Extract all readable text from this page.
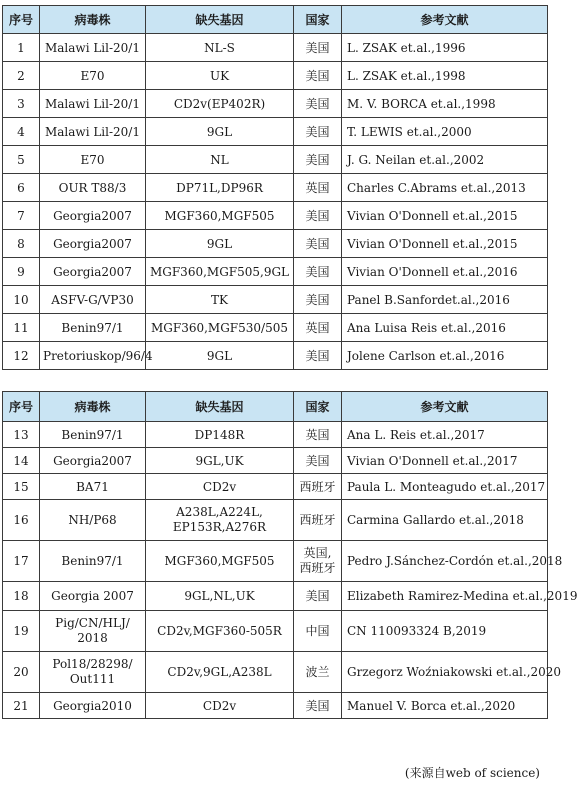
序号	病毒株	缺失基因	国家	参考文献
1	Malawi Lil-20/1	NL-S	美国	L. ZSAK et.al.,1996
2	E70	UK	美国	L. ZSAK et.al.,1998
3	Malawi Lil-20/1	CD2v(EP402R)	美国	M. V. BORCA et.al.,1998
4	Malawi Lil-20/1	9GL	美国	T. LEWIS et.al.,2000
5	E70	NL	美国	J. G. Neilan et.al.,2002
6	OUR T88/3	DP71L,DP96R	英国	Charles C.Abrams et.al.,2013
7	Georgia2007	MGF360,MGF505	美国	Vivian O'Donnell et.al.,2015
8	Georgia2007	9GL	美国	Vivian O'Donnell et.al.,2015
9	Georgia2007	MGF360,MGF505,9GL	美国	Vivian O'Donnell et.al.,2016
10	ASFV-G/VP30	TK	美国	Panel B.Sanfordet.al.,2016
11	Benin97/1	MGF360,MGF530/505	英国	Ana Luisa Reis et.al.,2016
12	Pretoriuskop/96/4	9GL	美国	Jolene Carlson et.al.,2016
序号	病毒株	缺失基因	国家	参考文献
13	Benin97/1	DP148R	英国	Ana L. Reis et.al.,2017
14	Georgia2007	9GL,UK	美国	Vivian O'Donnell et.al.,2017
15	BA71	CD2v	西班牙	Paula L. Monteagudo et.al.,2017
16	NH/P68	A238L,A224L,
EP153R,A276R	西班牙	Carmina Gallardo et.al.,2018
17	Benin97/1	MGF360,MGF505	英国,
西班牙	Pedro J.Sánchez-Cordón et.al.,2018
18	Georgia 2007	9GL,NL,UK	美国	Elizabeth Ramirez-Medina et.al.,2019
19	Pig/CN/HLJ/
2018	CD2v,MGF360-505R	中国	CN 110093324 B,2019
20	Pol18/28298/
Out111	CD2v,9GL,A238L	波兰	Grzegorz Woźniakowski et.al.,2020
21	Georgia2010	CD2v	美国	Manuel V. Borca et.al.,2020
(来源自web of science)
